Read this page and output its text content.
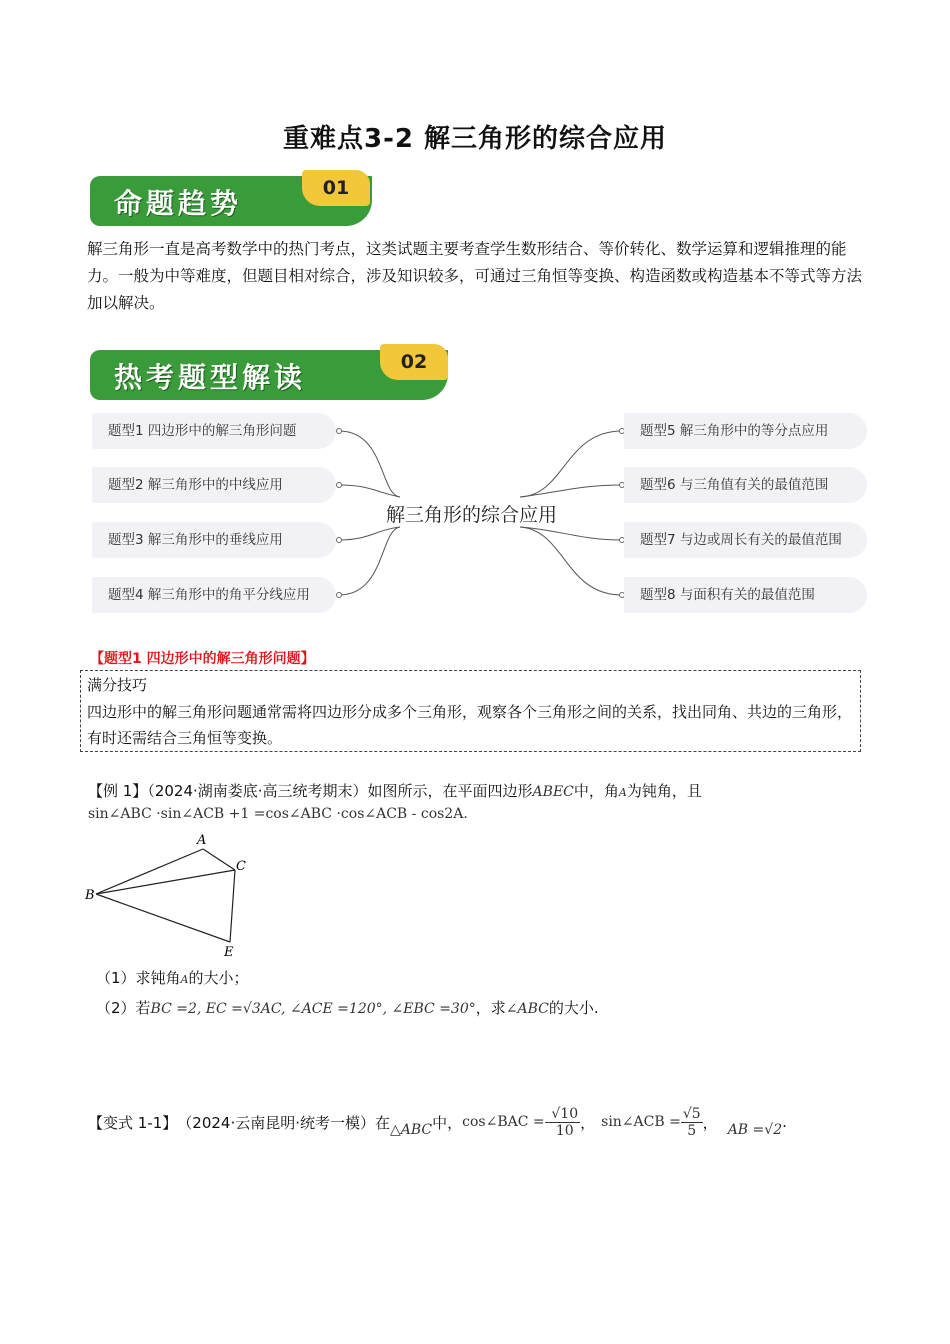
重难点3-2 解三角形的综合应用
命题趋势	01
解三角形一直是高考数学中的热门考点，这类试题主要考查学生数形结合、等价转化、数学运算和逻辑推理的能力。一般为中等难度，但题目相对综合，涉及知识较多，可通过三角恒等变换、构造函数或构造基本不等式等方法加以解决。
热考题型解读	02
题型1 四边形中的解三角形问题
题型2 解三角形中的中线应用
题型3 解三角形中的垂线应用
题型4 解三角形中的角平分线应用
题型5 解三角形中的等分点应用
题型6 与三角值有关的最值范围
题型7 与边或周长有关的最值范围
题型8 与面积有关的最值范围
解三角形的综合应用
【题型1 四边形中的解三角形问题】
满分技巧
四边形中的解三角形问题通常需将四边形分成多个三角形，观察各个三角形之间的关系，找出同角、共边的三角形，有时还需结合三角恒等变换。
【例 1】（2024·湖南娄底·高三统考期末）如图所示，在平面四边形ABEC中，角A为钝角，且
sin∠ABC ·sin∠ACB +1 =cos∠ABC ·cos∠ACB - cos2A.
A
C
B
E
（1）求钝角A的大小；
（2）若BC =2, EC =√3AC, ∠ACE =120°, ∠EBC =30°，求∠ABC的大小.
【变式 1-1】 （2024·云南昆明·统考一模）在 △ABC 中， cos∠BAC =- $\frac{√10}{10}$ ， sin∠ACB = $\frac{√5}{5}$ ， AB =√2 .
